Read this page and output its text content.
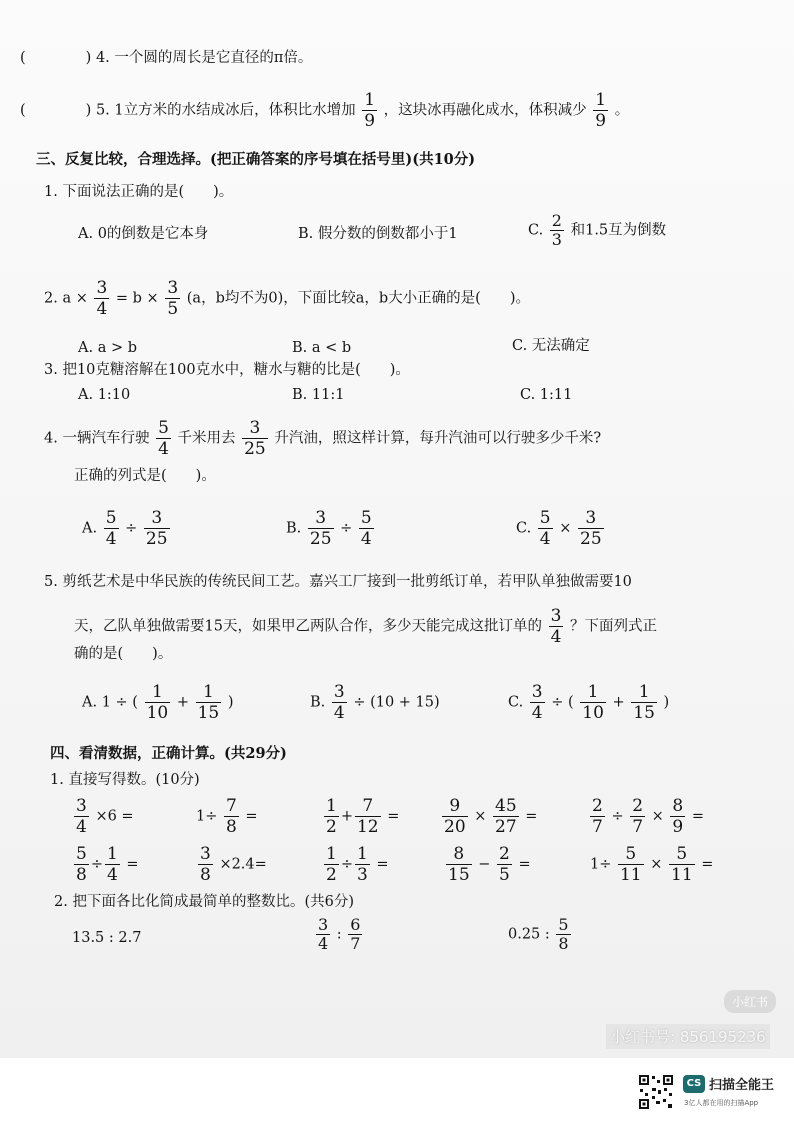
(	) 4. 一个圆的周长是它直径的π倍。
(	) 5. 1立方米的水结成冰后，体积比水增加 $\frac{1}{9}$ ，这块冰再融化成水，体积减少 $\frac{1}{9}$ 。
三、反复比较，合理选择。(把正确答案的序号填在括号里)(共10分)
1. 下面说法正确的是(　　)。
A. 0的倒数是它本身	B. 假分数的倒数都小于1	C. $\frac{2}{3}$ 和1.5互为倒数
2. $a \times \frac{3}{4} = b \times \frac{3}{5} (a$，b均不为0)，下面比较a，b大小正确的是(　　)。
A. a > b	B. a < b	C. 无法确定
3. 把10克糖溶解在100克水中，糖水与糖的比是(　　)。
A. 1:10	B. 11:1	C. 1:11
4. 一辆汽车行驶 $\frac{5}{4}$ 千米用去 $\frac{3}{25}$ 升汽油，照这样计算，每升汽油可以行驶多少千米?
正确的列式是(　　)。
A. $\frac{5}{4} \div \frac{3}{25}$	B. $\frac{3}{25} \div \frac{5}{4}$	C. $\frac{5}{4} \times \frac{3}{25}$
5. 剪纸艺术是中华民族的传统民间工艺。嘉兴工厂接到一批剪纸订单，若甲队单独做需要10
天，乙队单独做需要15天，如果甲乙两队合作，多少天能完成这批订单的 $\frac{3}{4}$ ？下面列式正
确的是(　　)。
A. 1 ÷ ( $\frac{1}{10} + \frac{1}{15}$ )	B. $\frac{3}{4} \div (10 + 15)$	C. $\frac{3}{4}$ ÷ ( $\frac{1}{10} + \frac{1}{15}$ )
四、看清数据，正确计算。(共29分)
1. 直接写得数。(10分)
$\frac{3}{4} \times 6$ =	$1\div \frac{7}{8}$ =	$\frac{1}{2} + \frac{7}{12}$ =	$\frac{9}{20} \times \frac{45}{27}$ =	$\frac{2}{7} \div \frac{2}{7} \times \frac{8}{9}$ =
$\frac{5}{8} \div \frac{1}{4}$ =	$\frac{3}{8} \times 2.4=$	$\frac{1}{2} \div \frac{1}{3}$ =	$\frac{8}{15} - \frac{2}{5}$ =	$1\div \frac{5}{11} \times \frac{5}{11}$ =
2. 把下面各比化简成最简单的整数比。(共6分)
13.5 : 2.7	$\frac{3}{4}$ : $\frac{6}{7}$	0.25 : $\frac{5}{8}$
小红书
小红书号: 856195236
CS 扫描全能王
3亿人都在用的扫描App
